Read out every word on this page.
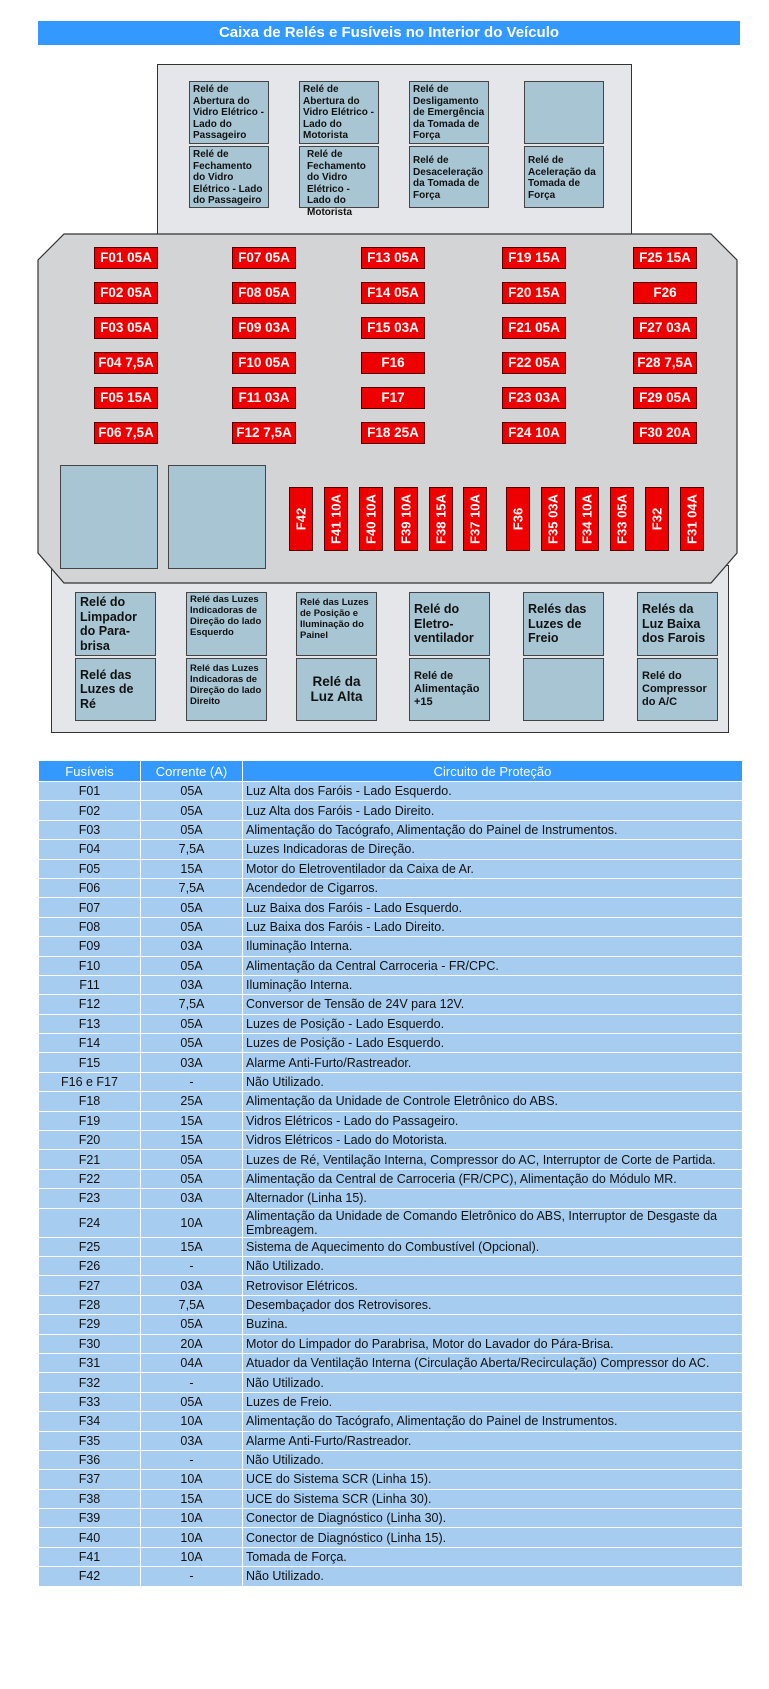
Caixa de Relés e Fusíveis no Interior do Veículo
Relé de Abertura do Vidro Elétrico - Lado do Passageiro
Relé de Abertura do Vidro Elétrico - Lado do Motorista
Relé de Desligamento de Emergência da Tomada de Força
Relé de Fechamento do Vidro Elétrico - Lado do Passageiro
Relé de Fechamento do Vidro Elétrico - Lado do Motorista
Relé de Desaceleração da Tomada de Força
Relé de Aceleração da Tomada de Força
F01 05A
F02 05A
F03 05A
F04 7,5A
F05 15A
F06 7,5A
F07 05A
F08 05A
F09 03A
F10 05A
F11 03A
F12 7,5A
F13 05A
F14 05A
F15 03A
F16
F17
F18 25A
F19 15A
F20 15A
F21 05A
F22 05A
F23 03A
F24 10A
F25 15A
F26
F27 03A
F28 7,5A
F29 05A
F30 20A
F42 F41 10A F40 10A F39 10A F38 15A F37 10A F36 F35 03A F34 10A F33 05A F32 F31 04A
Relé do Limpador do Para-brisa
Relé das Luzes Indicadoras de Direção do lado Esquerdo
Relé das Luzes de Posição e Iluminação do Painel
Relé do Eletro-ventilador
Relés das Luzes de Freio
Relés da Luz Baixa dos Farois
Relé das Luzes de Ré
Relé das Luzes Indicadoras de Direção do lado Direito
Relé da Luz Alta
Relé de Alimentação +15
Relé do Compressor do A/C
Fusíveis	Corrente (A)	Circuito de Proteção
F01	05A	Luz Alta dos Faróis - Lado Esquerdo.
F02	05A	Luz Alta dos Faróis - Lado Direito.
F03	05A	Alimentação do Tacógrafo, Alimentação do Painel de Instrumentos.
F04	7,5A	Luzes Indicadoras de Direção.
F05	15A	Motor do Eletroventilador da Caixa de Ar.
F06	7,5A	Acendedor de Cigarros.
F07	05A	Luz Baixa dos Faróis - Lado Esquerdo.
F08	05A	Luz Baixa dos Faróis - Lado Direito.
F09	03A	Iluminação Interna.
F10	05A	Alimentação da Central Carroceria - FR/CPC.
F11	03A	Iluminação Interna.
F12	7,5A	Conversor de Tensão de 24V para 12V.
F13	05A	Luzes de Posição - Lado Esquerdo.
F14	05A	Luzes de Posição - Lado Esquerdo.
F15	03A	Alarme Anti-Furto/Rastreador.
F16 e F17	-	Não Utilizado.
F18	25A	Alimentação da Unidade de Controle Eletrônico do ABS.
F19	15A	Vidros Elétricos - Lado do Passageiro.
F20	15A	Vidros Elétricos - Lado do Motorista.
F21	05A	Luzes de Ré, Ventilação Interna, Compressor do AC, Interruptor de Corte de Partida.
F22	05A	Alimentação da Central de Carroceria (FR/CPC), Alimentação do Módulo MR.
F23	03A	Alternador (Linha 15).
F24	10A	Alimentação da Unidade de Comando Eletrônico do ABS, Interruptor de Desgaste da Embreagem.
F25	15A	Sistema de Aquecimento do Combustível (Opcional).
F26	-	Não Utilizado.
F27	03A	Retrovisor Elétricos.
F28	7,5A	Desembaçador dos Retrovisores.
F29	05A	Buzina.
F30	20A	Motor do Limpador do Parabrisa, Motor do Lavador do Pára-Brisa.
F31	04A	Atuador da Ventilação Interna (Circulação Aberta/Recirculação) Compressor do AC.
F32	-	Não Utilizado.
F33	05A	Luzes de Freio.
F34	10A	Alimentação do Tacógrafo, Alimentação do Painel de Instrumentos.
F35	03A	Alarme Anti-Furto/Rastreador.
F36	-	Não Utilizado.
F37	10A	UCE do Sistema SCR (Linha 15).
F38	15A	UCE do Sistema SCR (Linha 30).
F39	10A	Conector de Diagnóstico (Linha 30).
F40	10A	Conector de Diagnóstico (Linha 15).
F41	10A	Tomada de Força.
F42	-	Não Utilizado.
